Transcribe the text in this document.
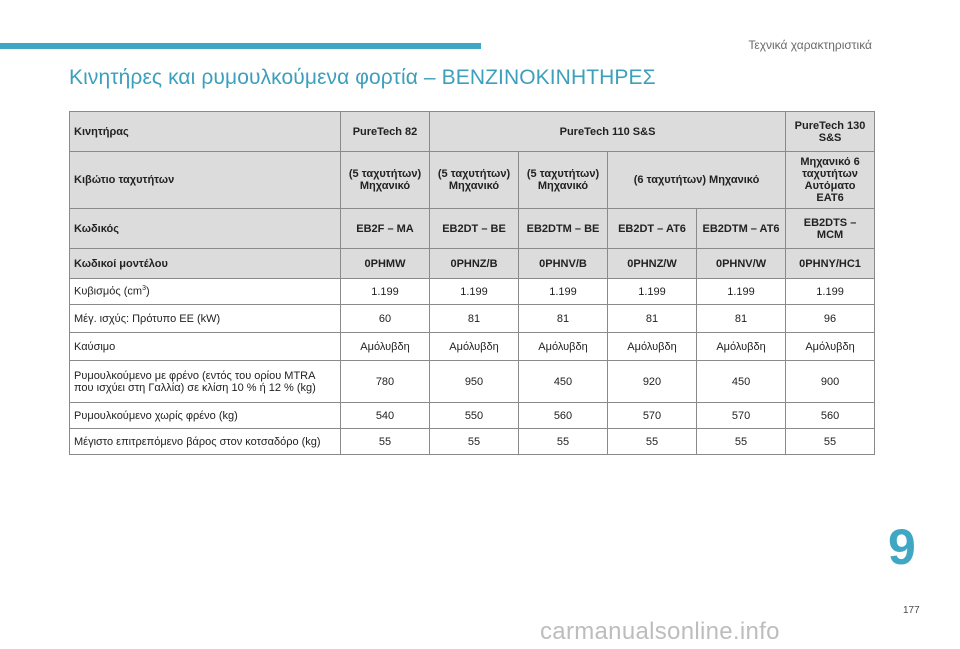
Τεχνικά χαρακτηριστικά
Κινητήρες και ρυμουλκούμενα φορτία – ΒΕΝΖΙΝΟΚΙΝΗΤΗΡΕΣ
Κινητήρας	PureTech 82	PureTech 110 S&S				PureTech 130 S&S
Κιβώτιο ταχυτήτων	(5 ταχυτήτων) Μηχανικό	(5 ταχυτήτων) Μηχανικό	(5 ταχυτήτων) Μηχανικό	(6 ταχυτήτων) Μηχανικό		Μηχανικό 6 ταχυτήτων Αυτόματο EAT6
Κωδικός	EB2F – MA	EB2DT – BE	EB2DTM – BE	EB2DT – AT6	EB2DTM – AT6	EB2DTS – MCM
Κωδικοί μοντέλου	0PHMW	0PHNZ/B	0PHNV/B	0PHNZ/W	0PHNV/W	0PHNY/HC1
Κυβισμός $(cm^3)$	1.199	1.199	1.199	1.199	1.199	1.199
Μέγ. ισχύς: Πρότυπο ΕΕ (kW)	60	81	81	81	81	96
Καύσιμο	Αμόλυβδη	Αμόλυβδη	Αμόλυβδη	Αμόλυβδη	Αμόλυβδη	Αμόλυβδη
Ρυμουλκούμενο με φρένο (εντός του ορίου MTRA που ισχύει στη Γαλλία) σε κλίση 10 % ή 12 % (kg)	780	950	450	920	450	900
Ρυμουλκούμενο χωρίς φρένο (kg)	540	550	560	570	570	560
Μέγιστο επιτρεπόμενο βάρος στον κοτσαδόρο (kg)	55	55	55	55	55	55
9
177
carmanualsonline.info
